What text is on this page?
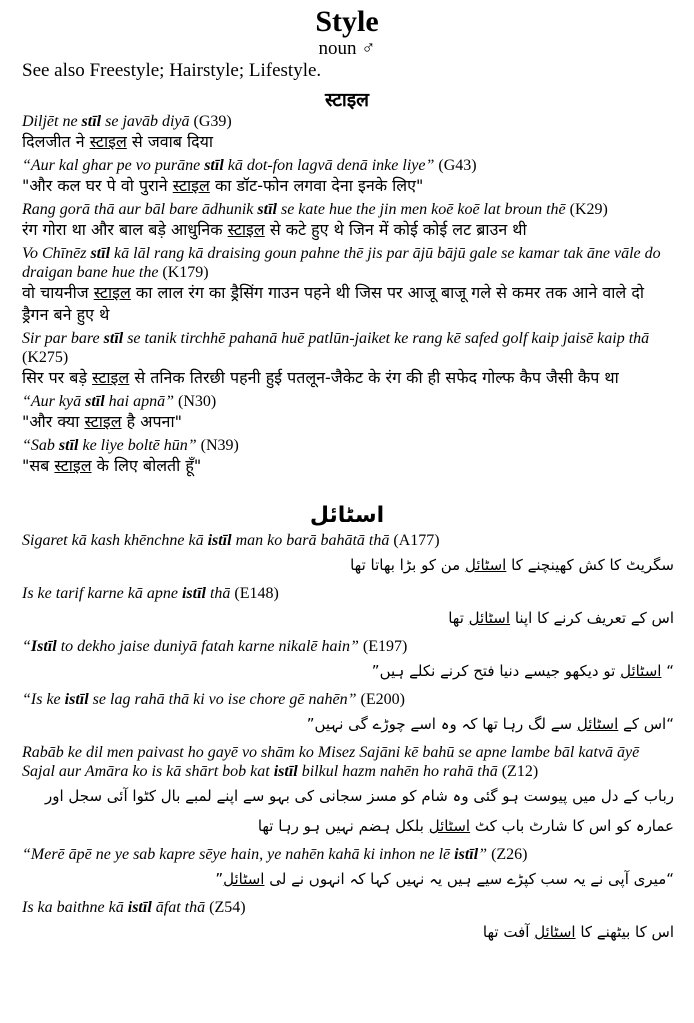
Style
noun ♂
See also Freestyle; Hairstyle; Lifestyle.
स्टाइल
Diljēt ne stīl se javāb diyā (G39)
दिलजीत ने स्टाइल से जवाब दिया
“Aur kal ghar pe vo purāne stīl kā dot-fon lagvā denā inke liye” (G43)
"और कल घर पे वो पुराने स्टाइल का डॉट-फोन लगवा देना इनके लिए"
Rang gorā thā aur bāl bare ādhunik stīl se kate hue the jin men koē koē lat broun thē (K29)
रंग गोरा था और बाल बड़े आधुनिक स्टाइल से कटे हुए थे जिन में कोई कोई लट ब्राउन थी
Vo Chīnēz stīl kā lāl rang kā draising goun pahne thē jis par ājū bājū gale se kamar tak āne vāle do draigan bane hue the (K179)
वो चायनीज स्टाइल का लाल रंग का ड्रैसिंग गाउन पहने थी जिस पर आजू बाजू गले से कमर तक आने वाले दो ड्रैगन बने हुए थे
Sir par bare stīl se tanik tirchhē pahanā huē patlūn-jaiket ke rang kē safed golf kaip jaisē kaip thā (K275)
सिर पर बड़े स्टाइल से तनिक तिरछी पहनी हुई पतलून-जैकेट के रंग की ही सफेद गोल्फ कैप जैसी कैप था
“Aur kyā stīl hai apnā” (N30)
"और क्या स्टाइल है अपना"
“Sab stīl ke liye boltē hūn” (N39)
"सब स्टाइल के लिए बोलती हूँ"
اسٹائل
Sigaret kā kash khēnchne kā istīl man ko barā bahātā thā (A177)
سگریٹ کا کش کھینچنے کا اسٹائل من کو بڑا بھاتا تھا
Is ke tarif karne kā apne istīl thā (E148)
اس کے تعریف کرنے کا اپنا اسٹائل تھا
“Istīl to dekho jaise duniyā fatah karne nikalē hain” (E197)
“ اسٹائل تو دیکھو جیسے دنیا فتح کرنے نکلے ہیں”
“Is ke istīl se lag rahā thā ki vo ise chore gē nahēn” (E200)
“اس کے اسٹائل سے لگ رہا تھا کہ وہ اسے چوڑے گی نہیں”
Rabāb ke dil men paivast ho gayē vo shām ko Misez Sajāni kē bahū se apne lambe bāl katvā āyē Sajal aur Amāra ko is kā shārt bob kat istīl bilkul hazm nahēn ho rahā thā (Z12)
رباب کے دل میں پیوست ہو گئی وہ شام کو مسز سجانی کی بہو سے اپنے لمبے بال کٹوا آئی سجل اور عمارہ کو اس کا شارٹ باب کٹ اسٹائل بلکل ہضم نہیں ہو رہا تھا
“Merē āpē ne ye sab kapre sēye hain, ye nahēn kahā ki inhon ne lē istīl” (Z26)
“میری آپی نے یہ سب کپڑے سیے ہیں یہ نہیں کہا کہ انہوں نے لی اسٹائل”
Is ka baithne kā istīl āfat thā (Z54)
اس کا بیٹھنے کا اسٹائل آفت تھا
